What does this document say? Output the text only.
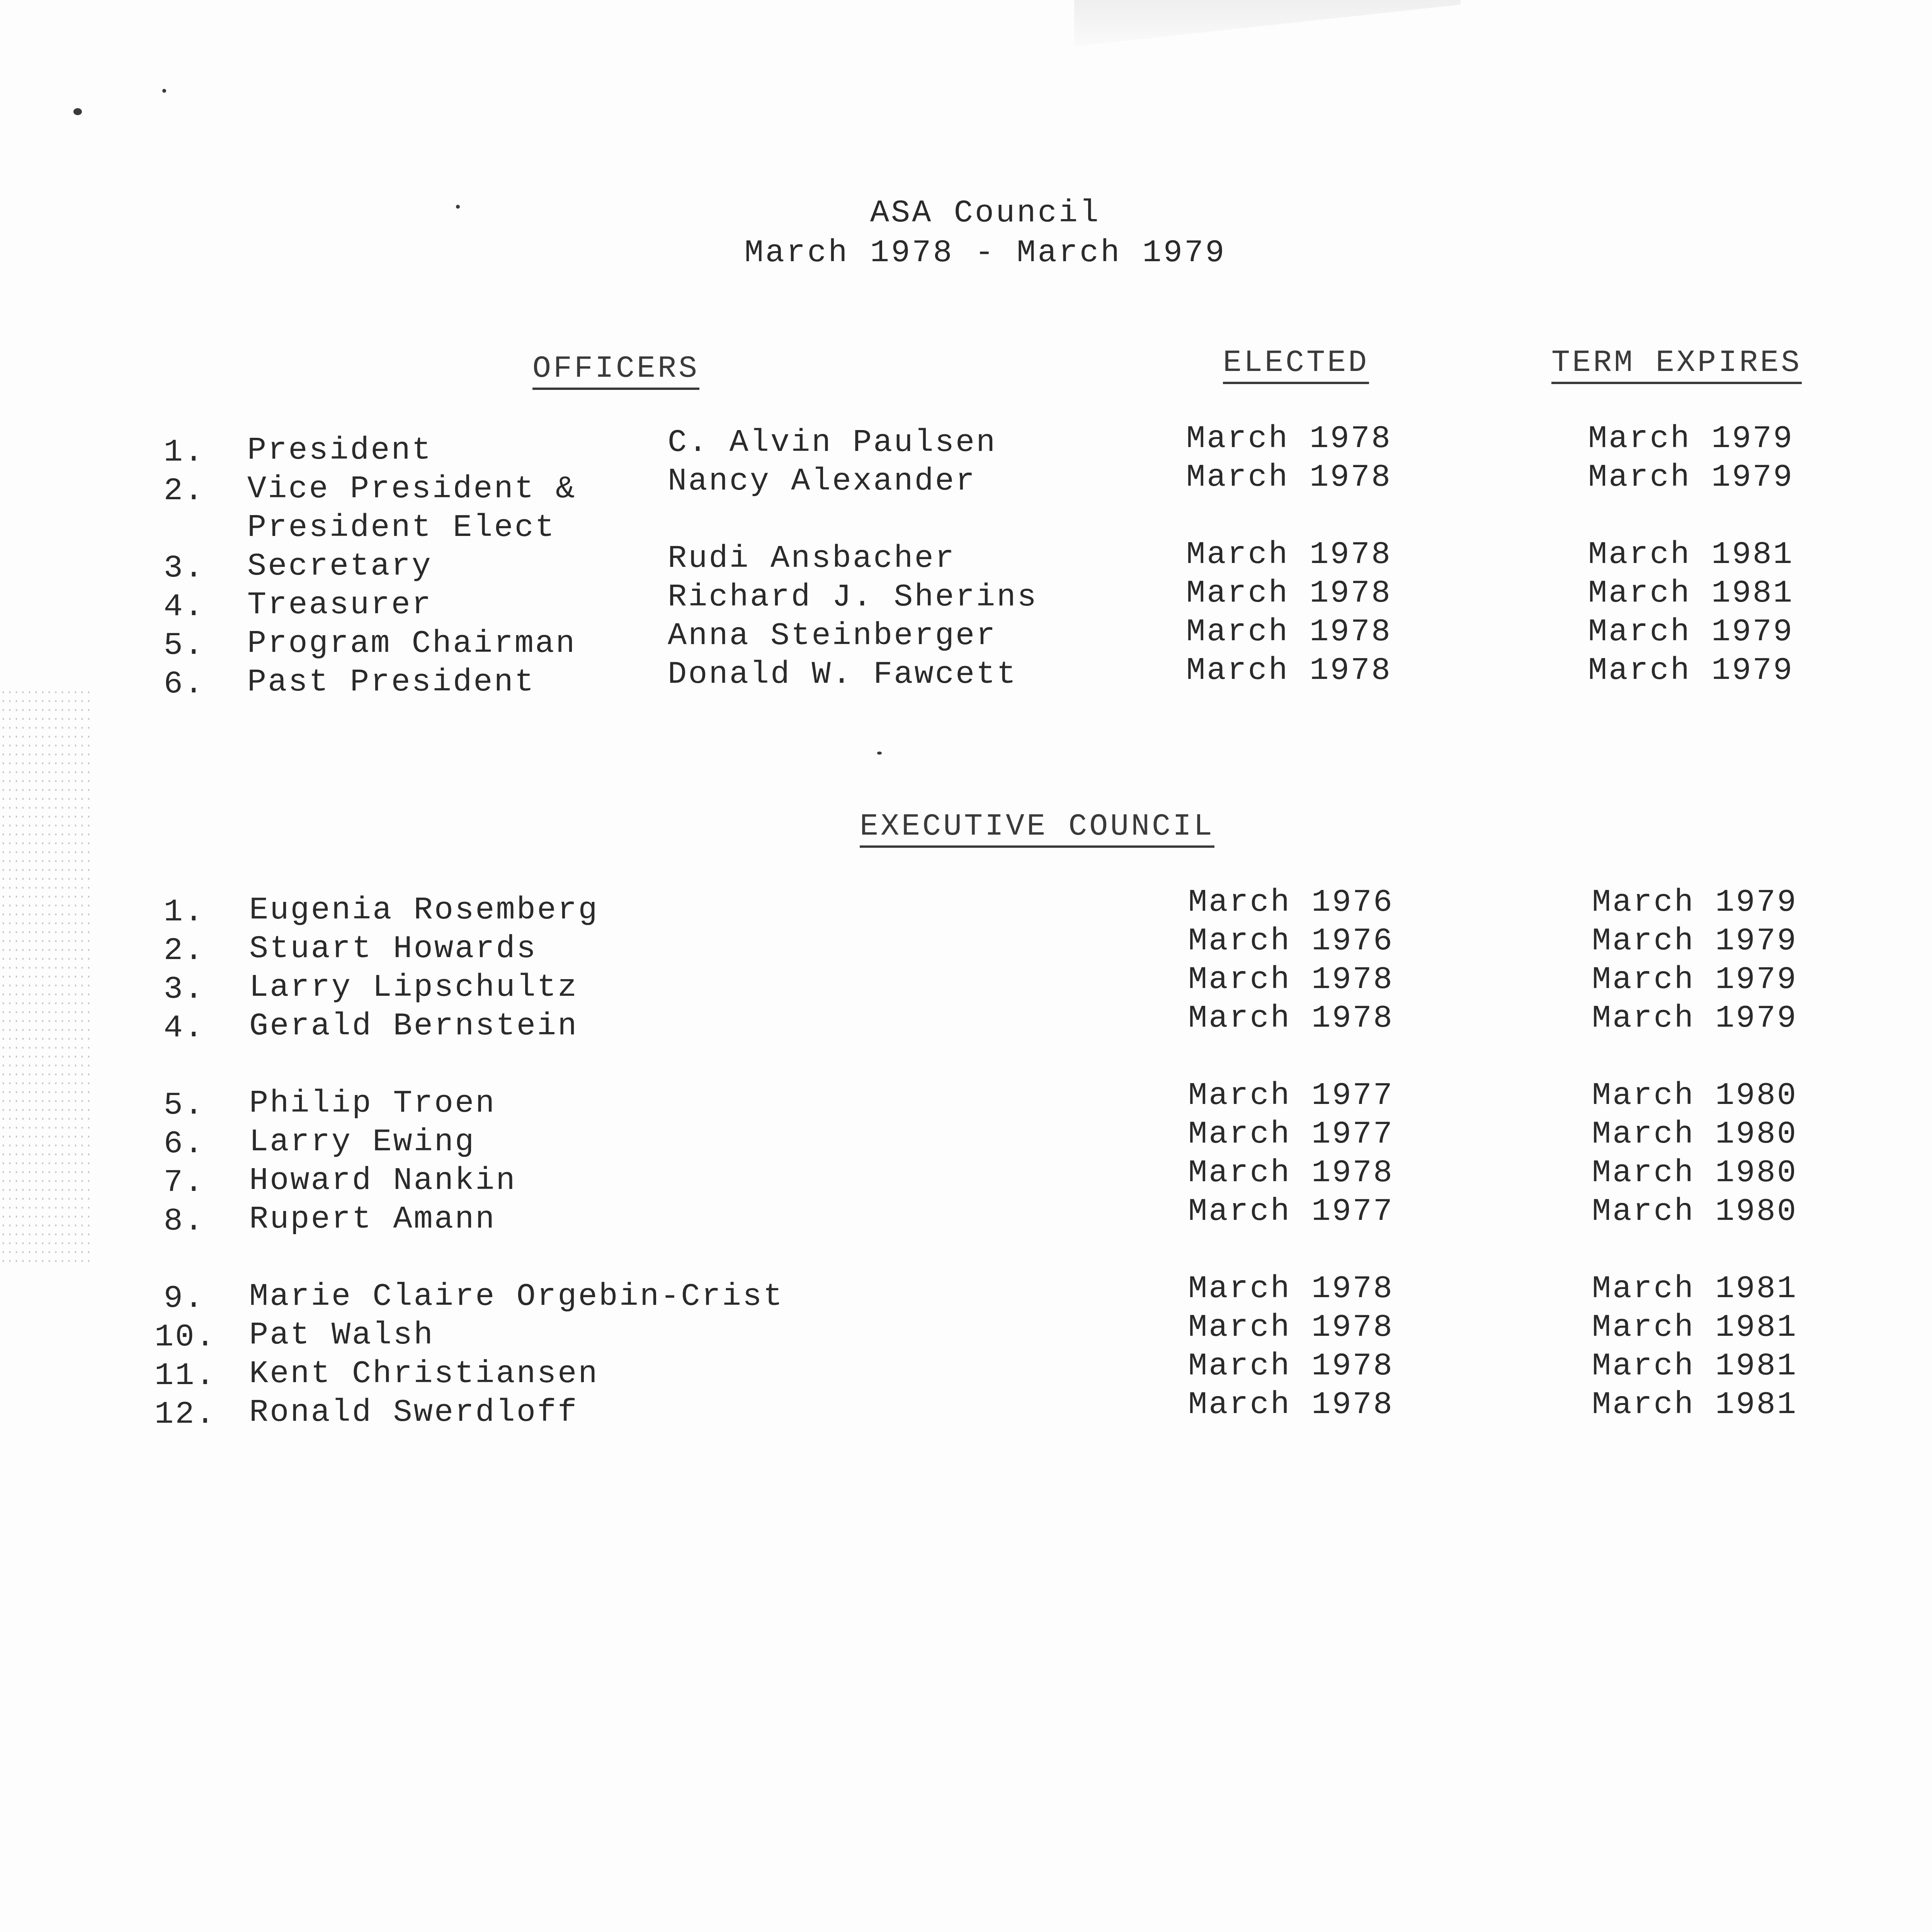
ASA Council
March 1978 - March 1979
OFFICERS	ELECTED	TERM EXPIRES
1. President	C. Alvin Paulsen	March 1978	March 1979
2. Vice President &
President Elect
Nancy Alexander	March 1978	March 1979
3. Secretary	Rudi Ansbacher	March 1978	March 1981
4. Treasurer	Richard J. Sherins	March 1978	March 1981
5. Program Chairman	Anna Steinberger	March 1978	March 1979
6. Past President	Donald W. Fawcett	March 1978	March 1979
EXECUTIVE COUNCIL
1. Eugenia Rosemberg	March 1976	March 1979
2. Stuart Howards	March 1976	March 1979
3. Larry Lipschultz	March 1978	March 1979
4. Gerald Bernstein	March 1978	March 1979
5. Philip Troen	March 1977	March 1980
6. Larry Ewing	March 1977	March 1980
7. Howard Nankin	March 1978	March 1980
8. Rupert Amann	March 1977	March 1980
9. Marie Claire Orgebin-Crist	March 1978	March 1981
10. Pat Walsh	March 1978	March 1981
11. Kent Christiansen	March 1978	March 1981
12. Ronald Swerdloff	March 1978	March 1981
